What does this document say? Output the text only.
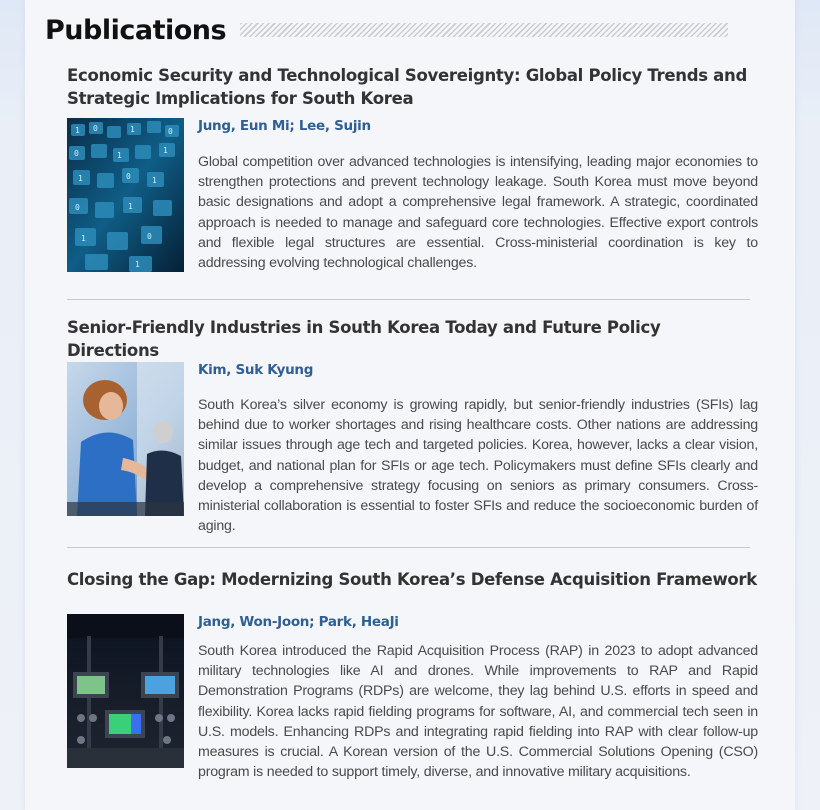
Publications
Economic Security and Technological Sovereignty: Global Policy Trends and Strategic Implications for South Korea
1 0	1	0
0	1
1
1	0	1
0	1
1	0
1
Jung, Eun Mi; Lee, Sujin

Global competition over advanced technologies is intensifying, leading major economies to strengthen protections and prevent technology leakage. South Korea must move beyond basic designations and adopt a comprehensive legal framework. A strategic, coordinated approach is needed to manage and safeguard core technologies. Effective export controls and flexible legal structures are essential. Cross-ministerial coordination is key to addressing evolving technological challenges.

Senior-Friendly Industries in South Korea Today and Future Policy Directions
Kim, Suk Kyung

South Korea’s silver economy is growing rapidly, but senior-friendly industries (SFIs) lag behind due to worker shortages and rising healthcare costs. Other nations are addressing similar issues through age tech and targeted policies. Korea, however, lacks a clear vision, budget, and national plan for SFIs or age tech. Policymakers must define SFIs clearly and develop a comprehensive strategy focusing on seniors as primary consumers. Cross-ministerial collaboration is essential to foster SFIs and reduce the socioeconomic burden of aging.

Closing the Gap: Modernizing South Korea’s Defense Acquisition Framework
Jang, Won-Joon; Park, HeaJi

South Korea introduced the Rapid Acquisition Process (RAP) in 2023 to adopt advanced military technologies like AI and drones. While improvements to RAP and Rapid Demonstration Programs (RDPs) are welcome, they lag behind U.S. efforts in speed and flexibility. Korea lacks rapid fielding programs for software, AI, and commercial tech seen in U.S. models. Enhancing RDPs and integrating rapid fielding into RAP with clear follow-up measures is crucial. A Korean version of the U.S. Commercial Solutions Opening (CSO) program is needed to support timely, diverse, and innovative military acquisitions.
